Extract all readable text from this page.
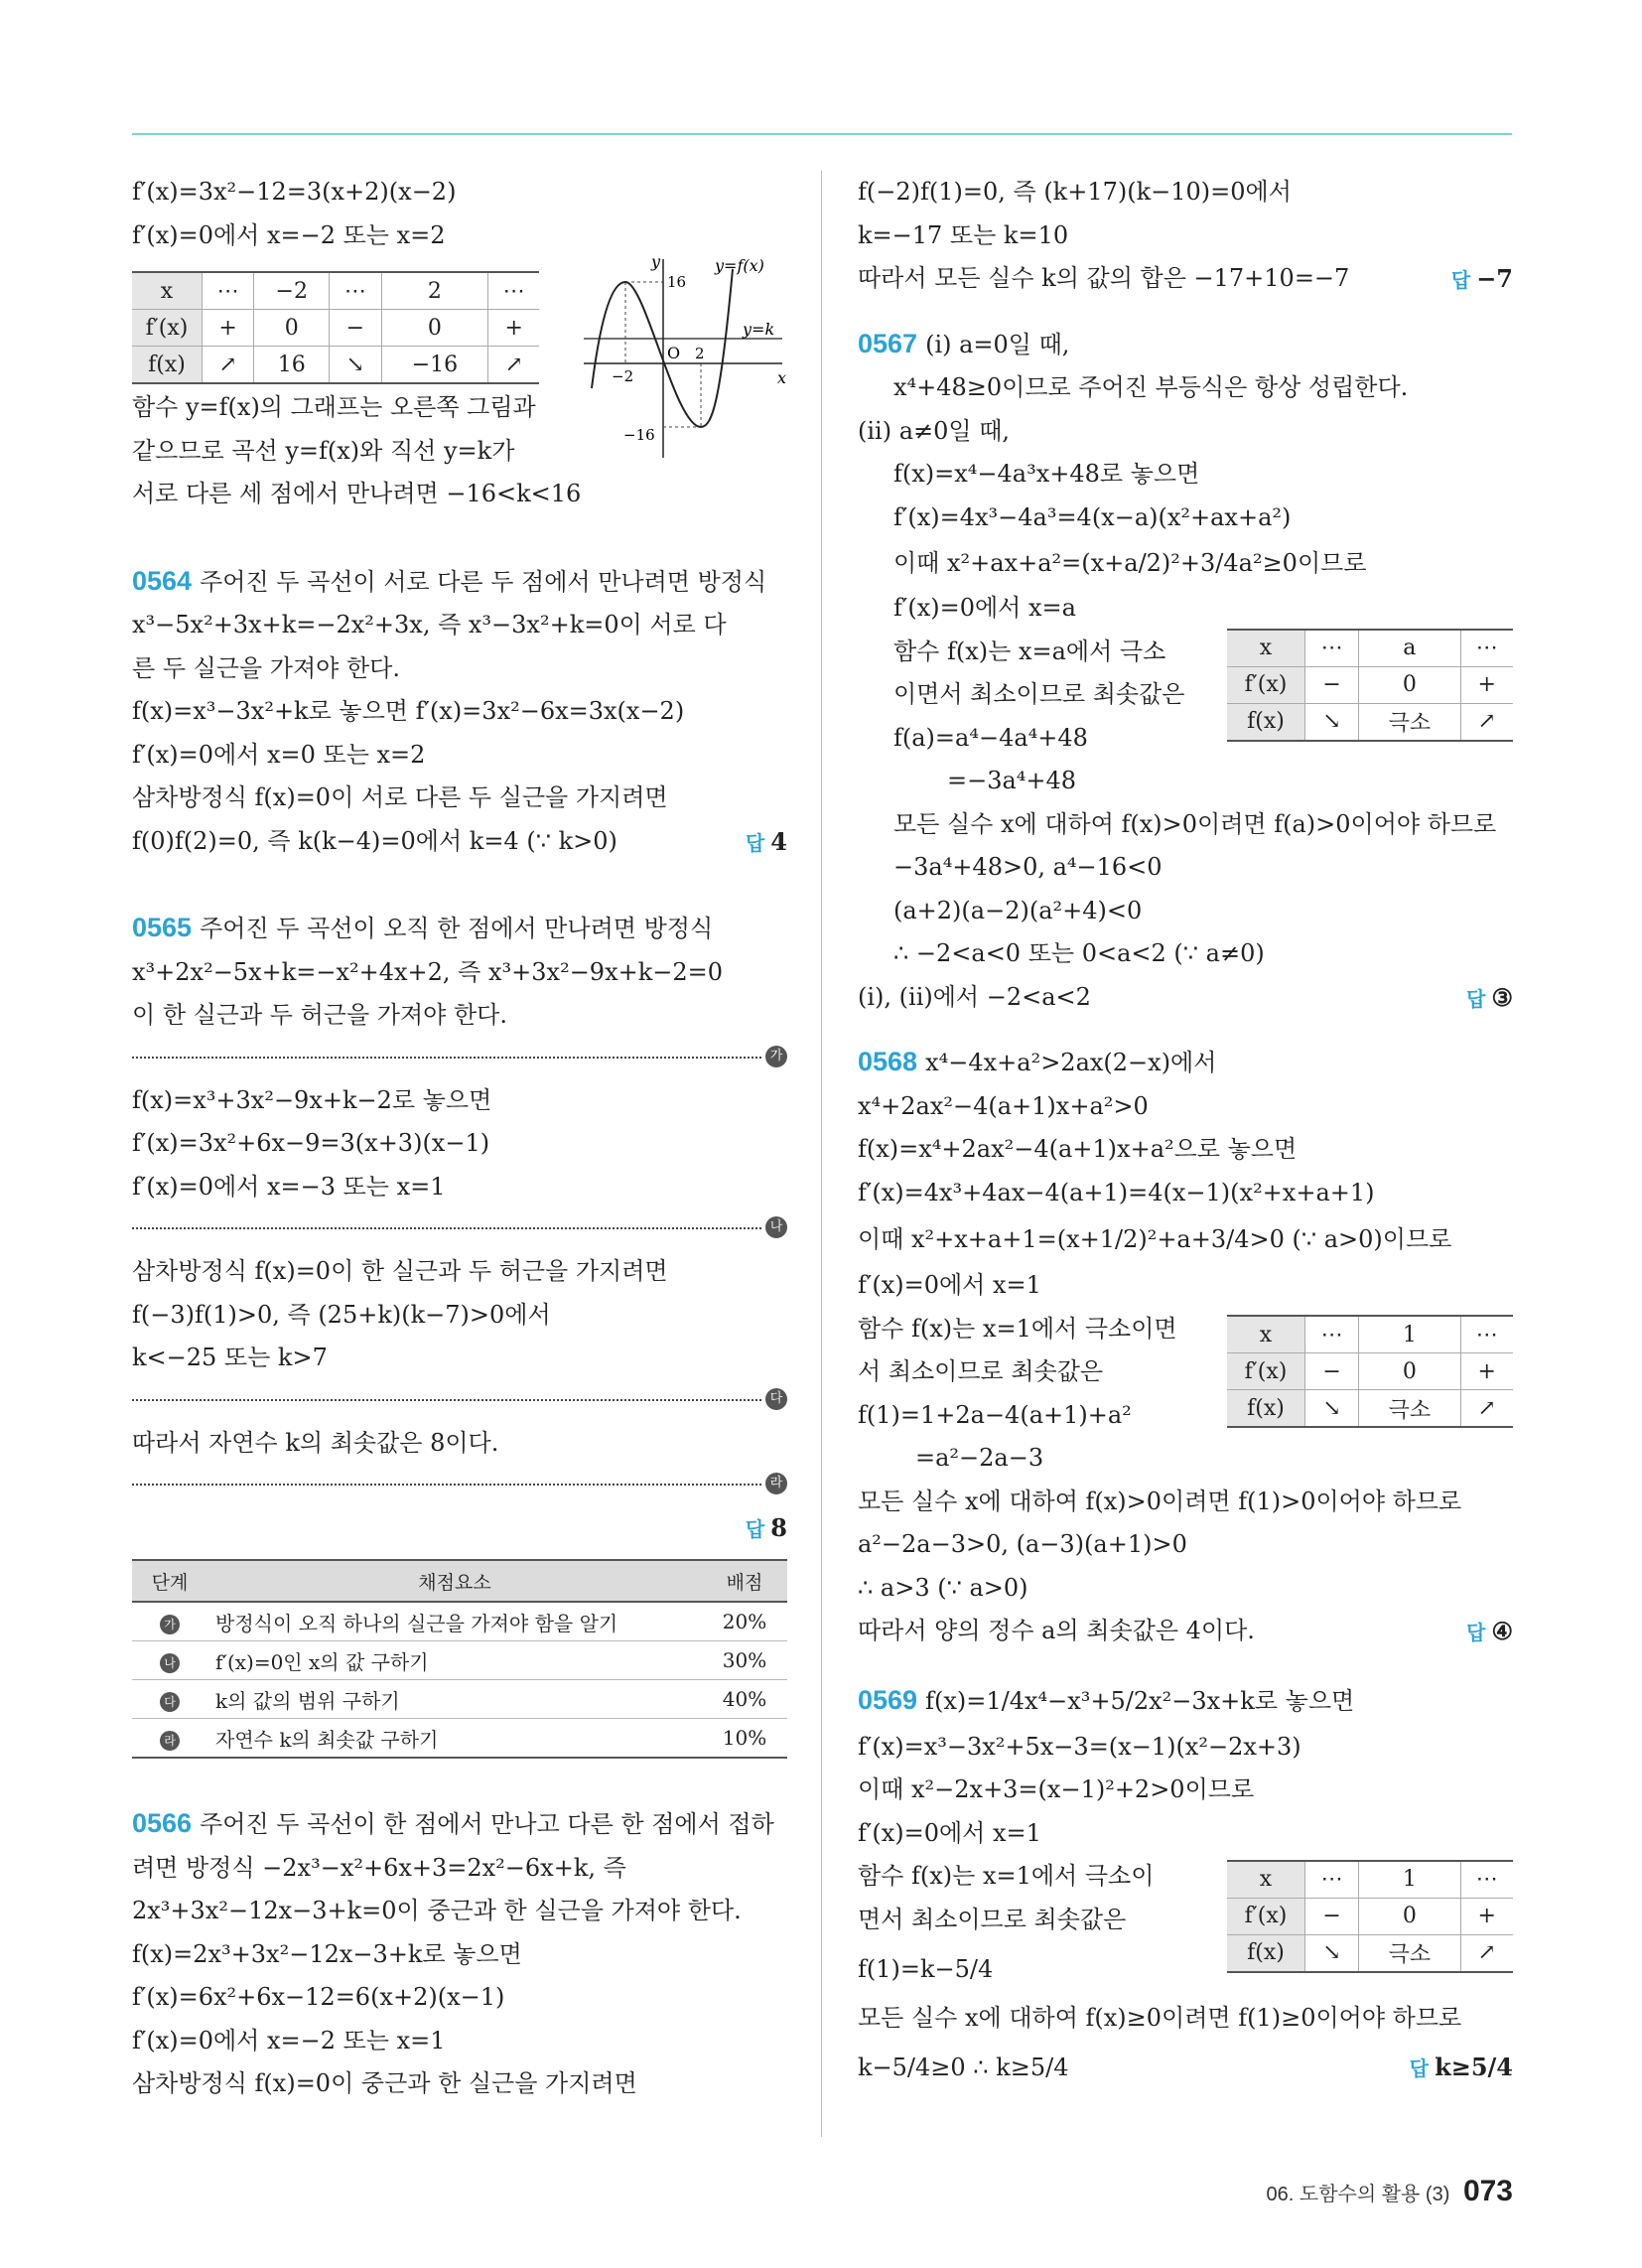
f′(x)=3x²−12=3(x+2)(x−2)
f′(x)=0에서 x=−2 또는 x=2
x	⋯	−2	⋯	2	⋯
f′(x)	+	0	−	0	+
f(x)	↗	16	↘	−16	↗
y
x
y=f(x)
y=k
O
16
−16
−2
2
함수 y=f(x)의 그래프는 오른쪽 그림과
같으므로 곡선 y=f(x)와 직선 y=k가
서로 다른 세 점에서 만나려면 −16<k<16
0564 주어진 두 곡선이 서로 다른 두 점에서 만나려면 방정식
x³−5x²+3x+k=−2x²+3x, 즉 x³−3x²+k=0이 서로 다
른 두 실근을 가져야 한다.
f(x)=x³−3x²+k로 놓으면 f′(x)=3x²−6x=3x(x−2)
f′(x)=0에서 x=0 또는 x=2
삼차방정식 f(x)=0이 서로 다른 두 실근을 가지려면
f(0)f(2)=0, 즉 k(k−4)=0에서 k=4 (∵ k>0)	답 4
0565 주어진 두 곡선이 오직 한 점에서 만나려면 방정식
x³+2x²−5x+k=−x²+4x+2, 즉 x³+3x²−9x+k−2=0
이 한 실근과 두 허근을 가져야 한다.
가
f(x)=x³+3x²−9x+k−2로 놓으면
f′(x)=3x²+6x−9=3(x+3)(x−1)
f′(x)=0에서 x=−3 또는 x=1
나
삼차방정식 f(x)=0이 한 실근과 두 허근을 가지려면
f(−3)f(1)>0, 즉 (25+k)(k−7)>0에서
k<−25 또는 k>7
다
따라서 자연수 k의 최솟값은 8이다.
라
답 8
단계	채점요소	배점
가	방정식이 오직 하나의 실근을 가져야 함을 알기	20%
나	f′(x)=0인 x의 값 구하기	30%
다	k의 값의 범위 구하기	40%
라	자연수 k의 최솟값 구하기	10%
0566 주어진 두 곡선이 한 점에서 만나고 다른 한 점에서 접하
려면 방정식 −2x³−x²+6x+3=2x²−6x+k, 즉
2x³+3x²−12x−3+k=0이 중근과 한 실근을 가져야 한다.
f(x)=2x³+3x²−12x−3+k로 놓으면
f′(x)=6x²+6x−12=6(x+2)(x−1)
f′(x)=0에서 x=−2 또는 x=1
삼차방정식 f(x)=0이 중근과 한 실근을 가지려면
f(−2)f(1)=0, 즉 (k+17)(k−10)=0에서
k=−17 또는 k=10
따라서 모든 실수 k의 값의 합은 −17+10=−7	답 −7
0567 (i) a=0일 때,
x⁴+48≥0이므로 주어진 부등식은 항상 성립한다.
(ii) a≠0일 때,
f(x)=x⁴−4a³x+48로 놓으면
f′(x)=4x³−4a³=4(x−a)(x²+ax+a²)
이때 x²+ax+a²=(x+a/2)²+3/4a²≥0이므로
f′(x)=0에서 x=a
함수 f(x)는 x=a에서 극소
이면서 최소이므로 최솟값은
f(a)=a⁴−4a⁴+48
=−3a⁴+48
모든 실수 x에 대하여 f(x)>0이려면 f(a)>0이어야 하므로
−3a⁴+48>0, a⁴−16<0
(a+2)(a−2)(a²+4)<0
∴ −2<a<0 또는 0<a<2 (∵ a≠0)
(i), (ii)에서 −2<a<2	답 ③
x	⋯	a	⋯
f′(x)	−	0	+
f(x)	↘	극소	↗
0568 x⁴−4x+a²>2ax(2−x)에서
x⁴+2ax²−4(a+1)x+a²>0
f(x)=x⁴+2ax²−4(a+1)x+a²으로 놓으면
f′(x)=4x³+4ax−4(a+1)=4(x−1)(x²+x+a+1)
이때 x²+x+a+1=(x+1/2)²+a+3/4>0 (∵ a>0)이므로
f′(x)=0에서 x=1
함수 f(x)는 x=1에서 극소이면
서 최소이므로 최솟값은
f(1)=1+2a−4(a+1)+a²
=a²−2a−3
모든 실수 x에 대하여 f(x)>0이려면 f(1)>0이어야 하므로
a²−2a−3>0, (a−3)(a+1)>0
∴ a>3 (∵ a>0)
따라서 양의 정수 a의 최솟값은 4이다.	답 ④
x	⋯	1	⋯
f′(x)	−	0	+
f(x)	↘	극소	↗
0569 f(x)=1/4x⁴−x³+5/2x²−3x+k로 놓으면
f′(x)=x³−3x²+5x−3=(x−1)(x²−2x+3)
이때 x²−2x+3=(x−1)²+2>0이므로
f′(x)=0에서 x=1
함수 f(x)는 x=1에서 극소이
면서 최소이므로 최솟값은
f(1)=k−5/4
모든 실수 x에 대하여 f(x)≥0이려면 f(1)≥0이어야 하므로
k−5/4≥0 ∴ k≥5/4	답 k≥5/4
x	⋯	1	⋯
f′(x)	−	0	+
f(x)	↘	극소	↗
06. 도함수의 활용 (3) 073
